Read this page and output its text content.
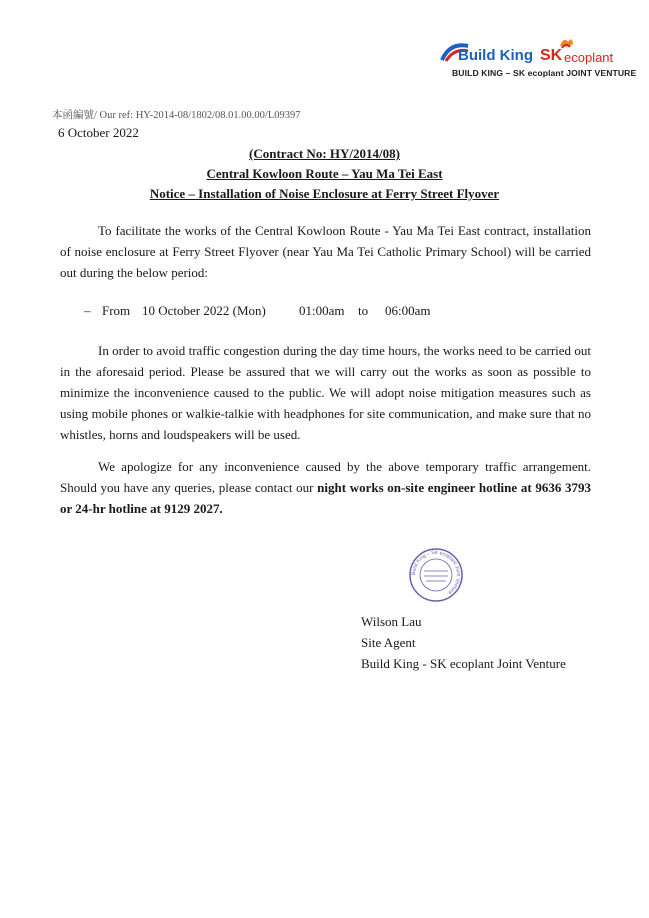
Build King SK ecoplant
BUILD KING – SK ecoplant JOINT VENTURE
本函編號/ Our ref: HY-2014-08/1802/08.01.00.00/L09397
6 October 2022
(Contract No: HY/2014/08)
Central Kowloon Route – Yau Ma Tei East
Notice – Installation of Noise Enclosure at Ferry Street Flyover

To facilitate the works of the Central Kowloon Route - Yau Ma Tei East contract, installation of noise enclosure at Ferry Street Flyover (near Yau Ma Tei Catholic Primary School) will be carried out during the below period:

– From 10 October 2022 (Mon)	01:00am to 06:00am

In order to avoid traffic congestion during the day time hours, the works need to be carried out in the aforesaid period. Please be assured that we will carry out the works as soon as possible to minimize the inconvenience caused to the public. We will adopt noise mitigation measures such as using mobile phones or walkie-talkie with headphones for site communication, and make sure that no whistles, horns and loudspeakers will be used.

We apologize for any inconvenience caused by the above temporary traffic arrangement. Should you have any queries, please contact our night works on-site engineer hotline at 9636 3793 or 24-hr hotline at 9129 2027.

Build King – SK ecoplant Joint Venture
Wilson Lau
Site Agent
Build King - SK ecoplant Joint Venture
